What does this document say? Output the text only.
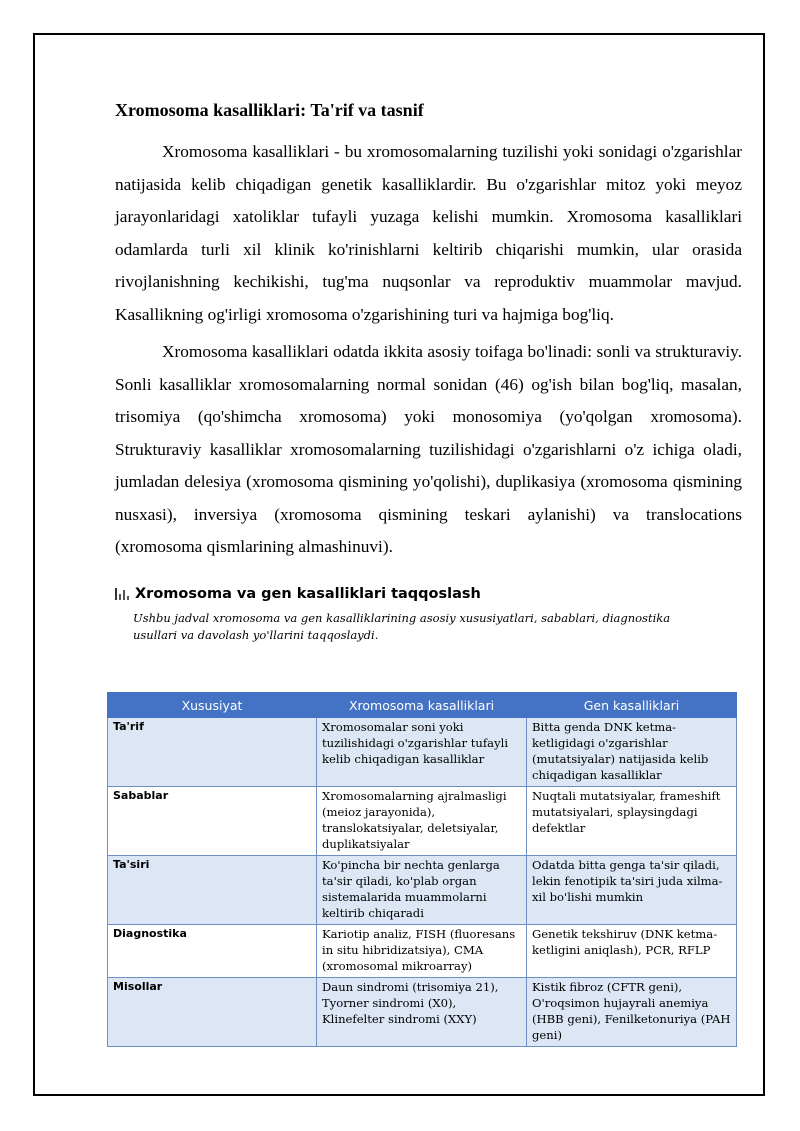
Xromosoma kasalliklari: Ta'rif va tasnif

Xromosoma kasalliklari - bu xromosomalarning tuzilishi yoki sonidagi o'zgarishlar natijasida kelib chiqadigan genetik kasalliklardir. Bu o'zgarishlar mitoz yoki meyoz jarayonlaridagi xatoliklar tufayli yuzaga kelishi mumkin. Xromosoma kasalliklari odamlarda turli xil klinik ko'rinishlarni keltirib chiqarishi mumkin, ular orasida rivojlanishning kechikishi, tug'ma nuqsonlar va reproduktiv muammolar mavjud. Kasallikning og'irligi xromosoma o'zgarishining turi va hajmiga bog'liq.

Xromosoma kasalliklari odatda ikkita asosiy toifaga bo'linadi: sonli va strukturaviy. Sonli kasalliklar xromosomalarning normal sonidan (46) og'ish bilan bog'liq, masalan, trisomiya (qo'shimcha xromosoma) yoki monosomiya (yo'qolgan xromosoma). Strukturaviy kasalliklar xromosomalarning tuzilishidagi o'zgarishlarni o'z ichiga oladi, jumladan delesiya (xromosoma qismining yo'qolishi), duplikasiya (xromosoma qismining nusxasi), inversiya (xromosoma qismining teskari aylanishi) va translocations (xromosoma qismlarining almashinuvi).

Xromosoma va gen kasalliklari taqqoslash
Ushbu jadval xromosoma va gen kasalliklarining asosiy xususiyatlari, sabablari, diagnostika usullari va davolash yo'llarini taqqoslaydi.
Xususiyat	Xromosoma kasalliklari	Gen kasalliklari
Ta'rif	Xromosomalar soni yoki tuzilishidagi o'zgarishlar tufayli kelib chiqadigan kasalliklar	Bitta genda DNK ketma-ketligidagi o'zgarishlar (mutatsiyalar) natijasida kelib chiqadigan kasalliklar
Sabablar	Xromosomalarning ajralmasligi (meioz jarayonida), translokatsiyalar, deletsiyalar, duplikatsiyalar	Nuqtali mutatsiyalar, frameshift mutatsiyalari, splaysingdagi defektlar
Ta'siri	Ko'pincha bir nechta genlarga ta'sir qiladi, ko'plab organ sistemalarida muammolarni keltirib chiqaradi	Odatda bitta genga ta'sir qiladi, lekin fenotipik ta'siri juda xilma-xil bo'lishi mumkin
Diagnostika	Kariotip analiz, FISH (fluoresans in situ hibridizatsiya), CMA (xromosomal mikroarray)	Genetik tekshiruv (DNK ketma-ketligini aniqlash), PCR, RFLP
Misollar	Daun sindromi (trisomiya 21), Tyorner sindromi (X0), Klinefelter sindromi (XXY)	Kistik fibroz (CFTR geni), O'roqsimon hujayrali anemiya (HBB geni), Fenilketonuriya (PAH geni)
